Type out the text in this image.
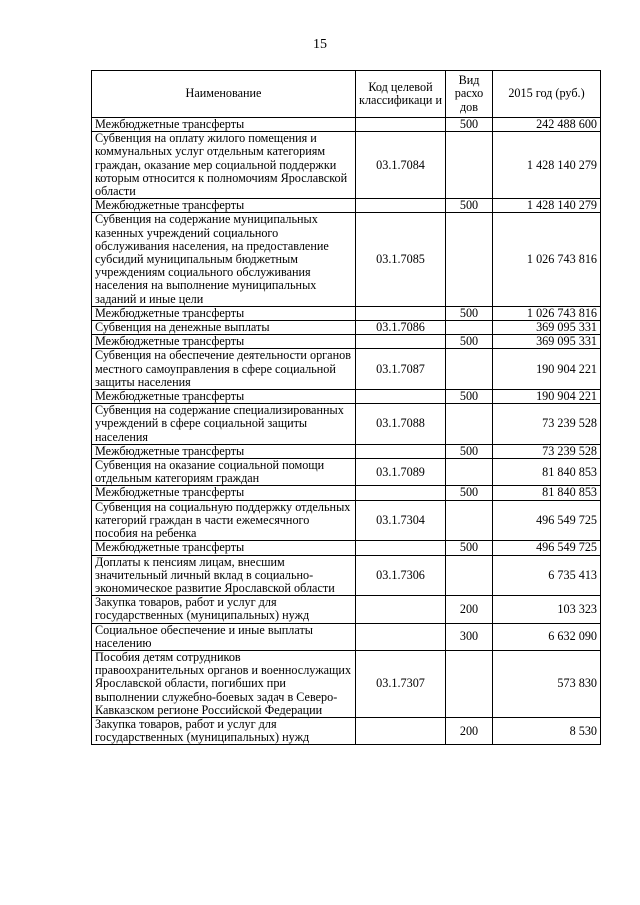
15
Наименование	Код целевой классификаци и	Вид расхо дов	2015 год (руб.)
Межбюджетные трансферты		500	242 488 600
Субвенция на оплату жилого помещения и коммунальных услуг отдельным категориям граждан, оказание мер социальной поддержки которым относится к полномочиям Ярославской области	03.1.7084		1 428 140 279
Межбюджетные трансферты		500	1 428 140 279
Субвенция на содержание муниципальных казенных учреждений социального обслуживания населения, на предоставление субсидий муниципальным бюджетным учреждениям социального обслуживания населения на выполнение муниципальных заданий и иные цели	03.1.7085		1 026 743 816
Межбюджетные трансферты		500	1 026 743 816
Субвенция на денежные выплаты	03.1.7086		369 095 331
Межбюджетные трансферты		500	369 095 331
Субвенция на обеспечение деятельности органов местного самоуправления в сфере социальной защиты населения	03.1.7087		190 904 221
Межбюджетные трансферты		500	190 904 221
Субвенция на содержание специализированных учреждений в сфере социальной защиты населения	03.1.7088		73 239 528
Межбюджетные трансферты		500	73 239 528
Субвенция на оказание социальной помощи отдельным категориям граждан	03.1.7089		81 840 853
Межбюджетные трансферты		500	81 840 853
Субвенция на социальную поддержку отдельных категорий граждан в части ежемесячного пособия на ребенка	03.1.7304		496 549 725
Межбюджетные трансферты		500	496 549 725
Доплаты к пенсиям лицам, внесшим значительный личный вклад в социально-экономическое развитие Ярославской области	03.1.7306		6 735 413
Закупка товаров, работ и услуг для государственных (муниципальных) нужд		200	103 323
Социальное обеспечение и иные выплаты населению		300	6 632 090
Пособия детям сотрудников правоохранительных органов и военнослужащих Ярославской области, погибших при выполнении служебно-боевых задач в Северо-Кавказском регионе Российской Федерации	03.1.7307		573 830
Закупка товаров, работ и услуг для государственных (муниципальных) нужд		200	8 530
